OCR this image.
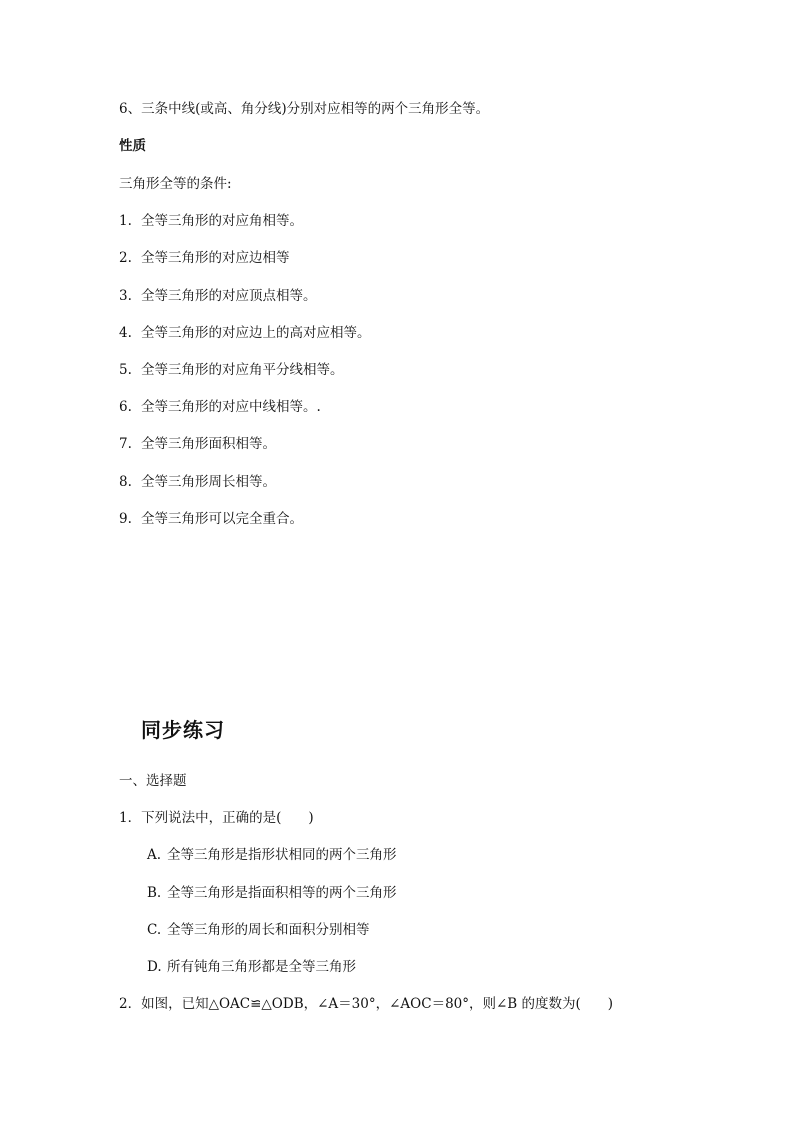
6、三条中线(或高、角分线)分别对应相等的两个三角形全等。
性质
三角形全等的条件:
1. 全等三角形的对应角相等。
2. 全等三角形的对应边相等
3. 全等三角形的对应顶点相等。
4. 全等三角形的对应边上的高对应相等。
5. 全等三角形的对应角平分线相等。
6. 全等三角形的对应中线相等。.
7. 全等三角形面积相等。
8. 全等三角形周长相等。
9. 全等三角形可以完全重合。
同步练习
一、选择题
1．下列说法中，正确的是(　　)
A. 全等三角形是指形状相同的两个三角形
B. 全等三角形是指面积相等的两个三角形
C. 全等三角形的周长和面积分别相等
D. 所有钝角三角形都是全等三角形
2．如图，已知△OAC≌△ODB，∠A＝30°，∠AOC＝80°，则∠B 的度数为(　　)
